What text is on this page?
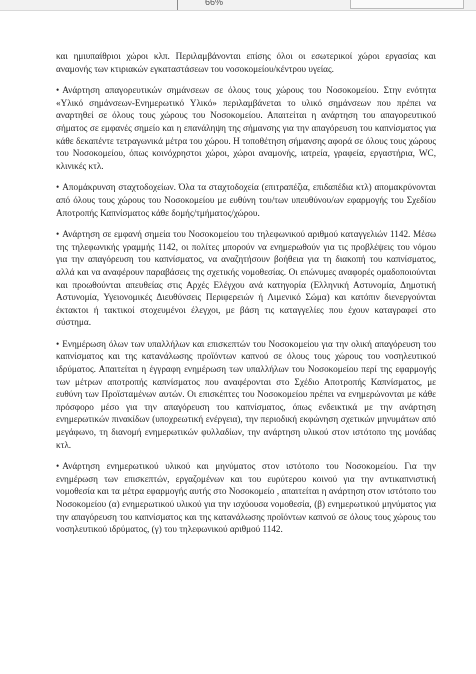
66%

και ημιυπαίθριοι χώροι κλπ. Περιλαμβάνονται επίσης όλοι οι εσωτερικοί χώροι εργασίας και αναμονής των κτιριακών εγκαταστάσεων του νοσοκομείου/κέντρου υγείας.

• Ανάρτηση απαγορευτικών σημάνσεων σε όλους τους χώρους του Νοσοκομείου. Στην ενότητα «Υλικό σημάνσεων-Ενημερωτικό Υλικό» περιλαμβάνεται το υλικό σημάνσεων που πρέπει να αναρτηθεί σε όλους τους χώρους του Νοσοκομείου. Απαιτείται η ανάρτηση του απαγορευτικού σήματος σε εμφανές σημείο και η επανάληψη της σήμανσης για την απαγόρευση του καπνίσματος για κάθε δεκαπέντε τετραγωνικά μέτρα του χώρου. Η τοποθέτηση σήμανσης αφορά σε όλους τους χώρους του Νοσοκομείου, όπως κοινόχρηστοι χώροι, χώροι αναμονής, ιατρεία, γραφεία, εργαστήρια, WC, κλινικές κτλ.

• Απομάκρυνση σταχτοδοχείων. Όλα τα σταχτοδοχεία (επιτραπέζια, επιδαπέδια κτλ) απομακρύνονται από όλους τους χώρους του Νοσοκομείου με ευθύνη του/των υπευθύνου/ων εφαρμογής του Σχεδίου Αποτροπής Καπνίσματος κάθε δομής/τμήματος/χώρου.

• Ανάρτηση σε εμφανή σημεία του Νοσοκομείου του τηλεφωνικού αριθμού καταγγελιών 1142. Μέσω της τηλεφωνικής γραμμής 1142, οι πολίτες μπορούν να ενημερωθούν για τις προβλέψεις του νόμου για την απαγόρευση του καπνίσματος, να αναζητήσουν βοήθεια για τη διακοπή του καπνίσματος, αλλά και να αναφέρουν παραβάσεις της σχετικής νομοθεσίας. Οι επώνυμες αναφορές ομαδοποιούνται και προωθούνται απευθείας στις Αρχές Ελέγχου ανά κατηγορία (Ελληνική Αστυνομία, Δημοτική Αστυνομία, Υγειονομικές Διευθύνσεις Περιφερειών ή Λιμενικό Σώμα) και κατόπιν διενεργούνται έκτακτοι ή τακτικοί στοχευμένοι έλεγχοι, με βάση τις καταγγελίες που έχουν καταγραφεί στο σύστημα.

• Ενημέρωση όλων των υπαλλήλων και επισκεπτών του Νοσοκομείου για την ολική απαγόρευση του καπνίσματος και της κατανάλωσης προϊόντων καπνού σε όλους τους χώρους του νοσηλευτικού ιδρύματος. Απαιτείται η έγγραφη ενημέρωση των υπαλλήλων του Νοσοκομείου περί της εφαρμογής των μέτρων αποτροπής καπνίσματος που αναφέρονται στο Σχέδιο Αποτροπής Καπνίσματος, με ευθύνη των Προϊσταμένων αυτών. Οι επισκέπτες του Νοσοκομείου πρέπει να ενημερώνονται με κάθε πρόσφορο μέσο για την απαγόρευση του καπνίσματος, όπως ενδεικτικά με την ανάρτηση ενημερωτικών πινακίδων (υποχρεωτική ενέργεια), την περιοδική εκφώνηση σχετικών μηνυμάτων από μεγάφωνο, τη διανομή ενημερωτικών φυλλαδίων, την ανάρτηση υλικού στον ιστότοπο της μονάδας κτλ.

• Ανάρτηση ενημερωτικού υλικού και μηνύματος στον ιστότοπο του Νοσοκομείου. Για την ενημέρωση των επισκεπτών, εργαζομένων και του ευρύτερου κοινού για την αντικαπνιστική νομοθεσία και τα μέτρα εφαρμογής αυτής στο Νοσοκομείο , απαιτείται η ανάρτηση στον ιστότοπο του Νοσοκομείου (α) ενημερωτικού υλικού για την ισχύουσα νομοθεσία, (β) ενημερωτικού μηνύματος για την απαγόρευση του καπνίσματος και της κατανάλωσης προϊόντων καπνού σε όλους τους χώρους του νοσηλευτικού ιδρύματος, (γ) του τηλεφωνικού αριθμού 1142.
